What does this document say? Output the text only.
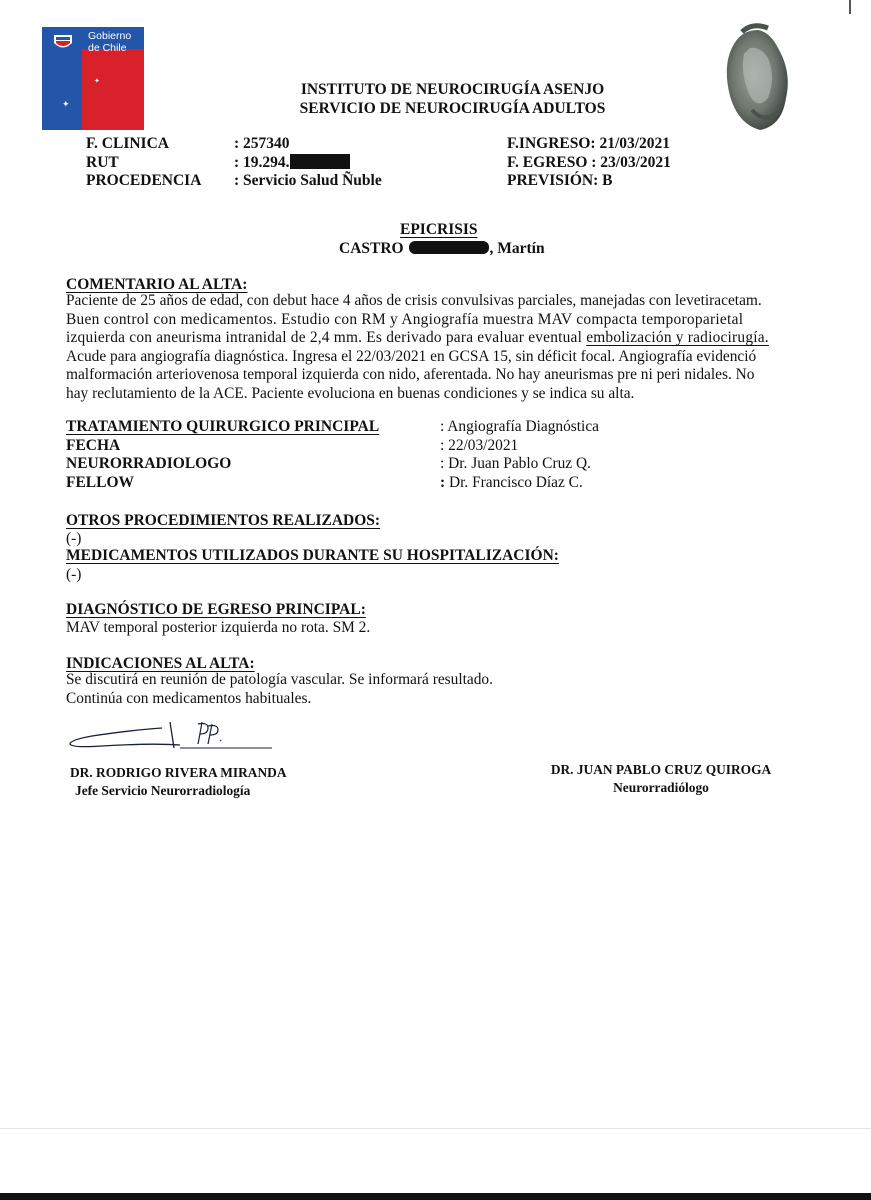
Gobierno
de Chile
✦
✦
INSTITUTO DE NEUROCIRUGÍA ASENJO
SERVICIO DE NEUROCIRUGÍA ADULTOS
F. CLINICA
RUT
PROCEDENCIA
: 257340
: 19.294.
: Servicio Salud Ñuble
F.INGRESO: 21/03/2021
F. EGRESO : 23/03/2021
PREVISIÓN: B
EPICRISIS
CASTRO	, Martín
COMENTARIO AL ALTA:
Paciente de 25 años de edad, con debut hace 4 años de crisis convulsivas parciales, manejadas con levetiracetam.
Buen control con medicamentos. Estudio con RM y Angiografía muestra MAV compacta temporoparietal
izquierda con aneurisma intranidal de 2,4 mm. Es derivado para evaluar eventual embolización y radiocirugía.
Acude para angiografía diagnóstica. Ingresa el 22/03/2021 en GCSA 15, sin déficit focal. Angiografía evidenció
malformación arteriovenosa temporal izquierda con nido, aferentada. No hay aneurismas pre ni peri nidales. No
hay reclutamiento de la ACE. Paciente evoluciona en buenas condiciones y se indica su alta.
TRATAMIENTO QUIRURGICO PRINCIPAL
FECHA
NEURORRADIOLOGO
FELLOW
: Angiografía Diagnóstica
: 22/03/2021
: Dr. Juan Pablo Cruz Q.
: Dr. Francisco Díaz C.
OTROS PROCEDIMIENTOS REALIZADOS:
(-)
MEDICAMENTOS UTILIZADOS DURANTE SU HOSPITALIZACIÓN:
(-)
DIAGNÓSTICO DE EGRESO PRINCIPAL:
MAV temporal posterior izquierda no rota. SM 2.
INDICACIONES AL ALTA:
Se discutirá en reunión de patología vascular. Se informará resultado.
Continúa con medicamentos habituales.
DR. RODRIGO RIVERA MIRANDA
Jefe Servicio Neurorradiología
DR. JUAN PABLO CRUZ QUIROGA
Neurorradiólogo
